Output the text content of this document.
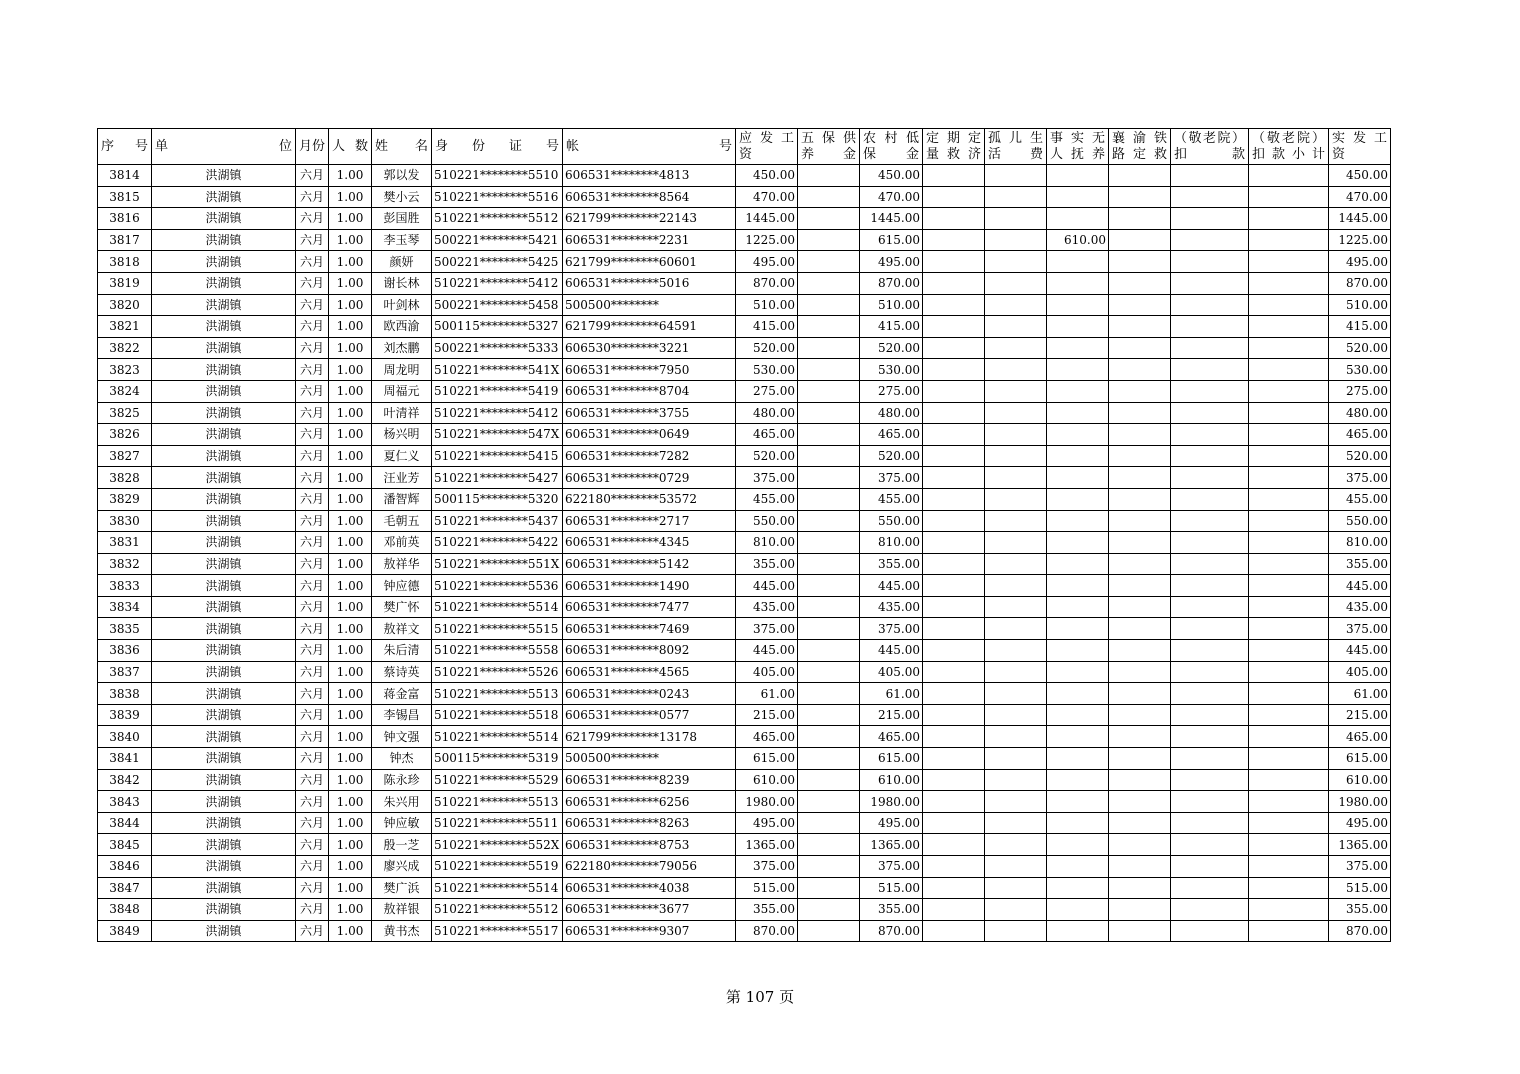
序 号	单 位	月份	人 数	姓 名	身 份 证 号	帐 号	应 发 工 资	五 保 供 养 金	农 村 低 保 金	定 期 定 量 救 济	孤 儿 生 活 费	事 实 无 人 抚 养	襄 渝 铁 路 定 救	（敬老院） 扣 款	（敬老院） 扣 款 小 计	实 发 工 资
3814	洪湖镇	六月	1.00	郭以发	510221********5510	606531********4813	450.00		450.00							450.00
3815	洪湖镇	六月	1.00	樊小云	510221********5516	606531********8564	470.00		470.00							470.00
3816	洪湖镇	六月	1.00	彭国胜	510221********5512	621799********22143	1445.00		1445.00							1445.00
3817	洪湖镇	六月	1.00	李玉琴	500221********5421	606531********2231	1225.00		615.00			610.00				1225.00
3818	洪湖镇	六月	1.00	颜妍	500221********5425	621799********60601	495.00		495.00							495.00
3819	洪湖镇	六月	1.00	谢长林	510221********5412	606531********5016	870.00		870.00							870.00
3820	洪湖镇	六月	1.00	叶剑林	500221********5458	500500********	510.00		510.00							510.00
3821	洪湖镇	六月	1.00	欧西渝	500115********5327	621799********64591	415.00		415.00							415.00
3822	洪湖镇	六月	1.00	刘杰鹏	500221********5333	606530********3221	520.00		520.00							520.00
3823	洪湖镇	六月	1.00	周龙明	510221********541X	606531********7950	530.00		530.00							530.00
3824	洪湖镇	六月	1.00	周福元	510221********5419	606531********8704	275.00		275.00							275.00
3825	洪湖镇	六月	1.00	叶清祥	510221********5412	606531********3755	480.00		480.00							480.00
3826	洪湖镇	六月	1.00	杨兴明	510221********547X	606531********0649	465.00		465.00							465.00
3827	洪湖镇	六月	1.00	夏仁义	510221********5415	606531********7282	520.00		520.00							520.00
3828	洪湖镇	六月	1.00	汪业芳	510221********5427	606531********0729	375.00		375.00							375.00
3829	洪湖镇	六月	1.00	潘智辉	500115********5320	622180********53572	455.00		455.00							455.00
3830	洪湖镇	六月	1.00	毛朝五	510221********5437	606531********2717	550.00		550.00							550.00
3831	洪湖镇	六月	1.00	邓前英	510221********5422	606531********4345	810.00		810.00							810.00
3832	洪湖镇	六月	1.00	敖祥华	510221********551X	606531********5142	355.00		355.00							355.00
3833	洪湖镇	六月	1.00	钟应德	510221********5536	606531********1490	445.00		445.00							445.00
3834	洪湖镇	六月	1.00	樊广怀	510221********5514	606531********7477	435.00		435.00							435.00
3835	洪湖镇	六月	1.00	敖祥文	510221********5515	606531********7469	375.00		375.00							375.00
3836	洪湖镇	六月	1.00	朱后清	510221********5558	606531********8092	445.00		445.00							445.00
3837	洪湖镇	六月	1.00	蔡诗英	510221********5526	606531********4565	405.00		405.00							405.00
3838	洪湖镇	六月	1.00	蒋金富	510221********5513	606531********0243	61.00		61.00							61.00
3839	洪湖镇	六月	1.00	李锡昌	510221********5518	606531********0577	215.00		215.00							215.00
3840	洪湖镇	六月	1.00	钟文强	510221********5514	621799********13178	465.00		465.00							465.00
3841	洪湖镇	六月	1.00	钟杰	500115********5319	500500********	615.00		615.00							615.00
3842	洪湖镇	六月	1.00	陈永珍	510221********5529	606531********8239	610.00		610.00							610.00
3843	洪湖镇	六月	1.00	朱兴用	510221********5513	606531********6256	1980.00		1980.00							1980.00
3844	洪湖镇	六月	1.00	钟应敏	510221********5511	606531********8263	495.00		495.00							495.00
3845	洪湖镇	六月	1.00	殷一芝	510221********552X	606531********8753	1365.00		1365.00							1365.00
3846	洪湖镇	六月	1.00	廖兴成	510221********5519	622180********79056	375.00		375.00							375.00
3847	洪湖镇	六月	1.00	樊广浜	510221********5514	606531********4038	515.00		515.00							515.00
3848	洪湖镇	六月	1.00	敖祥银	510221********5512	606531********3677	355.00		355.00							355.00
3849	洪湖镇	六月	1.00	黄书杰	510221********5517	606531********9307	870.00		870.00							870.00
第 107 页
